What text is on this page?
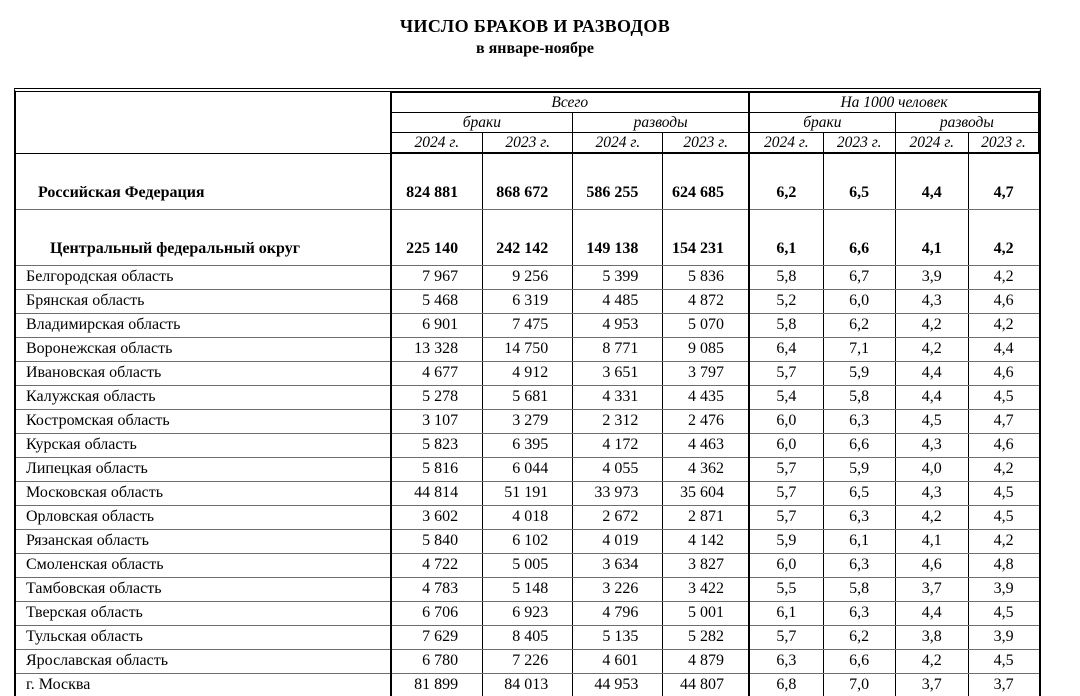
ЧИСЛО БРАКОВ И РАЗВОДОВ
в январе-ноябре
	Всего				На 1000 человек			
	браки		разводы		браки		разводы	
	2024 г.	2023 г.	2024 г.	2023 г.	2024 г.	2023 г.	2024 г.	2023 г.
Российская Федерация	824 881	868 672	586 255	624 685	6,2	6,5	4,4	4,7
Центральный федеральный округ	225 140	242 142	149 138	154 231	6,1	6,6	4,1	4,2
Белгородская область	7 967	9 256	5 399	5 836	5,8	6,7	3,9	4,2
Брянская область	5 468	6 319	4 485	4 872	5,2	6,0	4,3	4,6
Владимирская область	6 901	7 475	4 953	5 070	5,8	6,2	4,2	4,2
Воронежская область	13 328	14 750	8 771	9 085	6,4	7,1	4,2	4,4
Ивановская область	4 677	4 912	3 651	3 797	5,7	5,9	4,4	4,6
Калужская область	5 278	5 681	4 331	4 435	5,4	5,8	4,4	4,5
Костромская область	3 107	3 279	2 312	2 476	6,0	6,3	4,5	4,7
Курская область	5 823	6 395	4 172	4 463	6,0	6,6	4,3	4,6
Липецкая область	5 816	6 044	4 055	4 362	5,7	5,9	4,0	4,2
Московская область	44 814	51 191	33 973	35 604	5,7	6,5	4,3	4,5
Орловская область	3 602	4 018	2 672	2 871	5,7	6,3	4,2	4,5
Рязанская область	5 840	6 102	4 019	4 142	5,9	6,1	4,1	4,2
Смоленская область	4 722	5 005	3 634	3 827	6,0	6,3	4,6	4,8
Тамбовская область	4 783	5 148	3 226	3 422	5,5	5,8	3,7	3,9
Тверская область	6 706	6 923	4 796	5 001	6,1	6,3	4,4	4,5
Тульская область	7 629	8 405	5 135	5 282	5,7	6,2	3,8	3,9
Ярославская область	6 780	7 226	4 601	4 879	6,3	6,6	4,2	4,5
г. Москва	81 899	84 013	44 953	44 807	6,8	7,0	3,7	3,7
